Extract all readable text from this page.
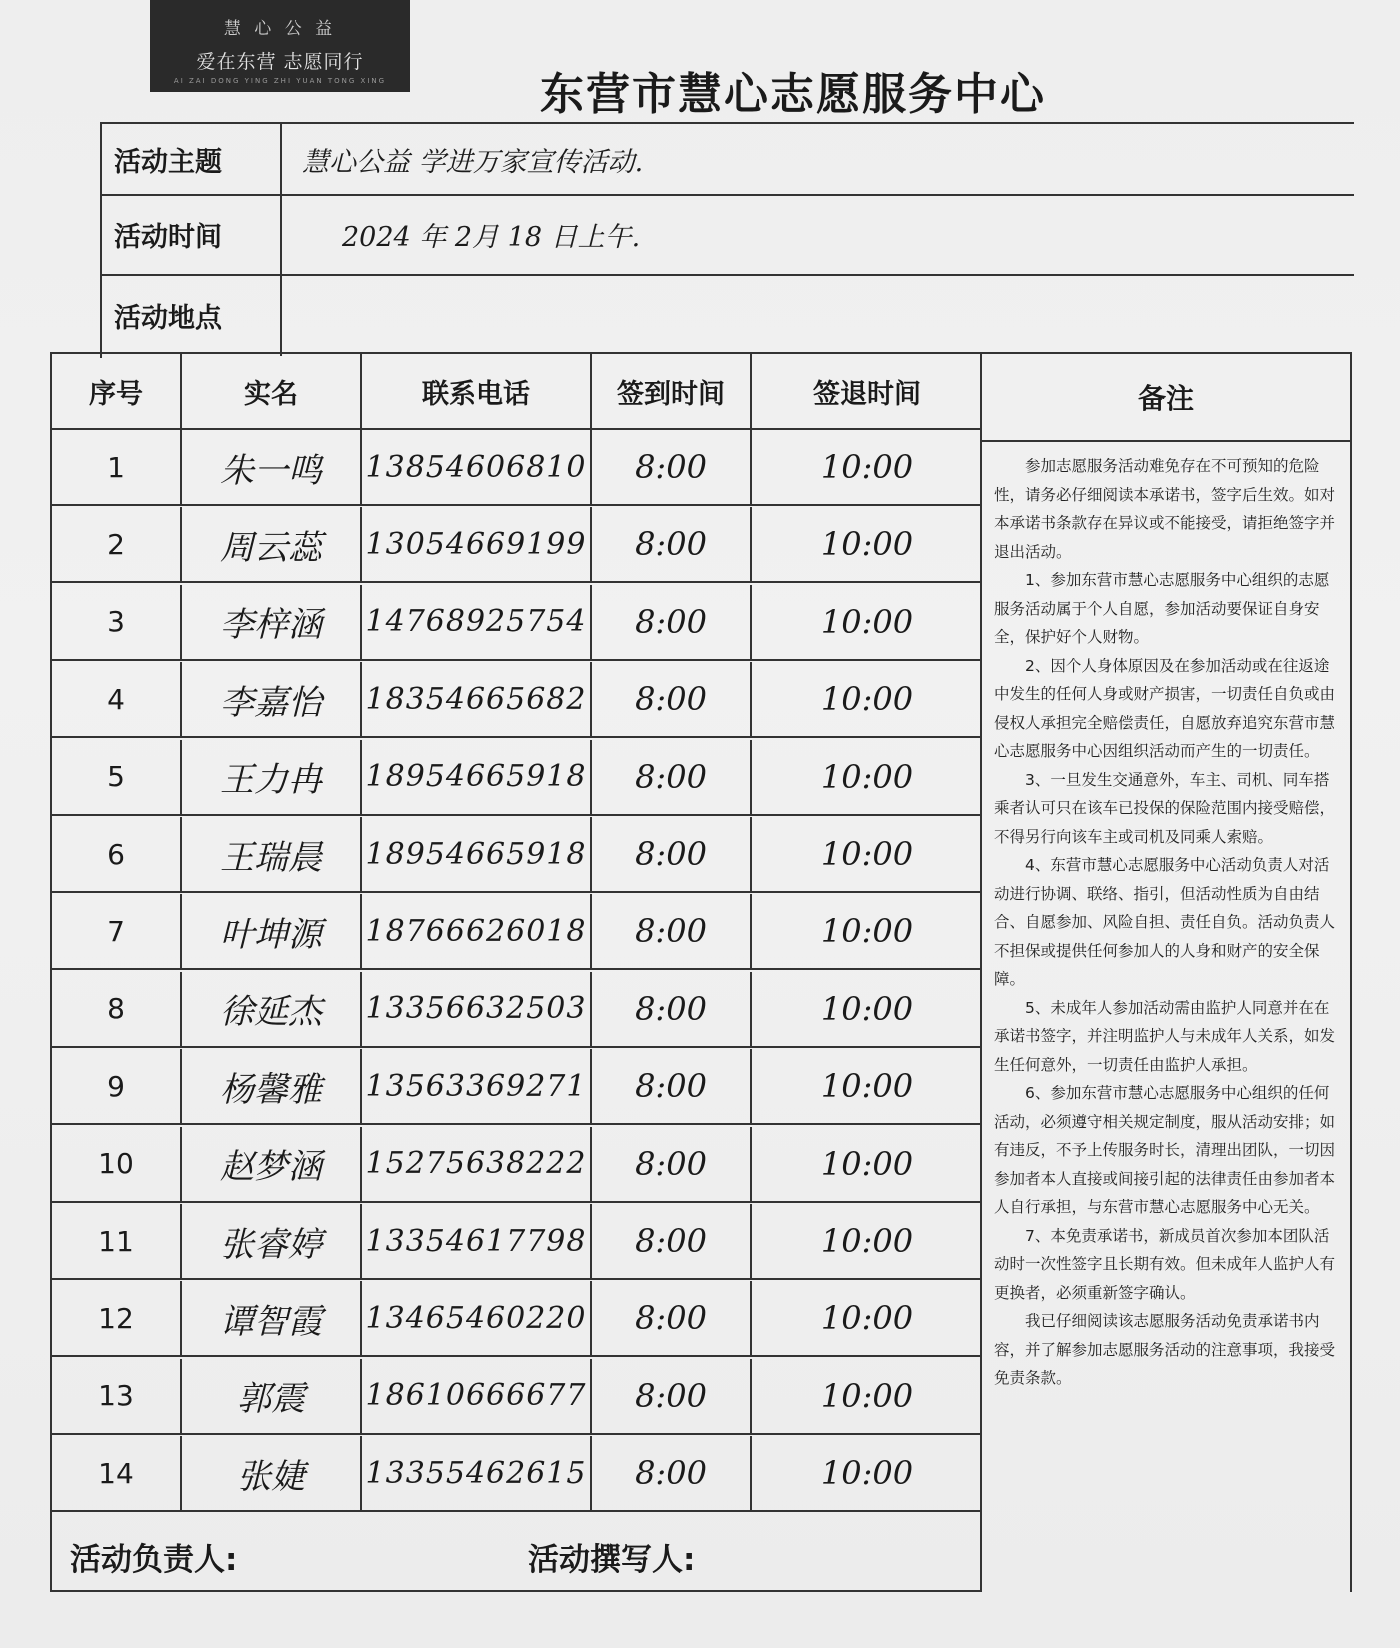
慧 心 公 益
爱在东营 志愿同行
AI ZAI DONG YING ZHI YUAN TONG XING	东营市慧心志愿服务中心
活动主题	慧心公益 学进万家宣传活动.
活动时间	2024 年 2月 18 日上午.
活动地点
序号	实名	联系电话	签到时间	签退时间
1	朱一鸣	13854606810	8:00	10:00
2	周云蕊	13054669199	8:00	10:00
3	李梓涵	14768925754	8:00	10:00
4	李嘉怡	18354665682	8:00	10:00
5	王力冉	18954665918	8:00	10:00
6	王瑞晨	18954665918	8:00	10:00
7	叶坤源	18766626018	8:00	10:00
8	徐延杰	13356632503	8:00	10:00
9	杨馨雅	13563369271	8:00	10:00
10	赵梦涵	15275638222	8:00	10:00
11	张睿婷	13354617798	8:00	10:00
12	谭智霞	13465460220	8:00	10:00
13	郭震	18610666677	8:00	10:00
14	张婕	13355462615	8:00	10:00
备注

参加志愿服务活动难免存在不可预知的危险性，请务必仔细阅读本承诺书，签字后生效。如对本承诺书条款存在异议或不能接受，请拒绝签字并退出活动。

1、参加东营市慧心志愿服务中心组织的志愿服务活动属于个人自愿，参加活动要保证自身安全，保护好个人财物。

2、因个人身体原因及在参加活动或在往返途中发生的任何人身或财产损害，一切责任自负或由侵权人承担完全赔偿责任，自愿放弃追究东营市慧心志愿服务中心因组织活动而产生的一切责任。

3、一旦发生交通意外，车主、司机、同车搭乘者认可只在该车已投保的保险范围内接受赔偿，不得另行向该车主或司机及同乘人索赔。

4、东营市慧心志愿服务中心活动负责人对活动进行协调、联络、指引，但活动性质为自由结合、自愿参加、风险自担、责任自负。活动负责人不担保或提供任何参加人的人身和财产的安全保障。

5、未成年人参加活动需由监护人同意并在在承诺书签字，并注明监护人与未成年人关系，如发生任何意外，一切责任由监护人承担。

6、参加东营市慧心志愿服务中心组织的任何活动，必须遵守相关规定制度，服从活动安排；如有违反，不予上传服务时长，清理出团队，一切因参加者本人直接或间接引起的法律责任由参加者本人自行承担，与东营市慧心志愿服务中心无关。

7、本免责承诺书，新成员首次参加本团队活动时一次性签字且长期有效。但未成年人监护人有更换者，必须重新签字确认。

我已仔细阅读该志愿服务活动免责承诺书内容，并了解参加志愿服务活动的注意事项，我接受免责条款。

活动负责人:	活动撰写人:
